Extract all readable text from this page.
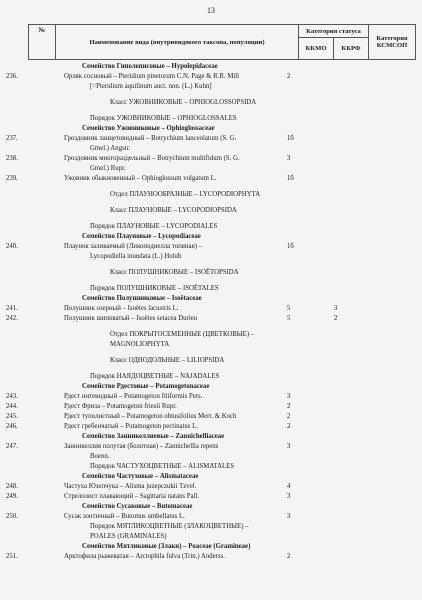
13
№
Наименование вида (внутривидового таксона, популяции)
Категория статуса
ККМО	ККРФ
Категория КСМСОП
Семейство Гиполеписовые – Hypolepidaceae
236.	Орляк сосновый – Pteridium pinetorum C.N. Page & R.R. Mill	2
[=Pteridium aquilinum auct. non. (L.) Kuhn]
Класс УЖОВНИКОВЫЕ – OPHIOGLOSSOPSIDA
Порядок УЖОВНИКОВЫЕ – OPHIOGLOSSALES
Семейство Ужовниковые – Ophioglossaceae
237.	Гроздовник ланцетовидный – Botrychium lanceolatum (S. G.	1б
Gmel.) Angstr.
238.	Гроздовник многораздельный – Botrychium multifidum (S. G.	3
Gmel.) Rupr.
239.	Ужовник обыкновенный – Ophioglossum vulgatum L.	1б
Отдел ПЛАУНООБРАЗНЫЕ – LYCOPODIOPHYTA
Класс ПЛАУНОВЫЕ – LYCOPODIOPSIDA
Порядок ПЛАУНОВЫЕ – LYCOPODIALES
Семейство Плауновые – Lycopodiaceae
240.	Плаунок заливаемый (Ликоподиелла топяная) –	1б
Lycopodiella inundata (L.) Holub
Класс ПОЛУШНИКОВЫЕ – ISOËTOPSIDA
Порядок ПОЛУШНИКОВЫЕ – ISOËTALES
Семейство Полушниковые – Isoëtaceae
241.	Полушник озерный – Isoëtes lacustris L.	5	3
242.	Полушник шиповатый – Isoëtes setacea Durieu	5	2
Отдел ПОКРЫТОСЕМЕННЫЕ (ЦВЕТКОВЫЕ) –
MAGNOLIOPHYTA
Класс ОДНОДОЛЬНЫЕ – LILIOPSIDA
Порядок НАЯДОЦВЕТНЫЕ – NAJADALES
Семейство Рдестовые – Potamogetonaceae
243.	Рдест нитевидный – Potamogeton filiformis Pers.	3
244.	Рдест Фриза – Potamogeton friesii Rupr.	2
245.	Рдест туполистный – Potamogeton obtusifolius Mert. & Koch	2
246.	Рдест гребенчатый – Potamogeton pectinatus L.	2
Семейство Занникеллиевые – Zannichelliaceae
247.	Занникеллия полутая (болотная) – Zannichellia repens	3
Boenn.
Порядок ЧАСТУХОЦВЕТНЫЕ – ALISMATALES
Семейство Частуховые – Alismataceae
248.	Частуха Юзепчука – Alisma juzepczukii Tzvel.	4
249.	Стрелолист плавающий – Sagittaria natans Pall.	3
Семейство Сусаковые – Butomaceae
250.	Сусак зонтичный – Butomus umbellatus L.	3
Порядок МЯТЛИКОЦВЕТНЫЕ (ЗЛАКОЦВЕТНЫЕ) –
POALES (GRAMINALES)
Семейство Мятликовые (Злаки) – Poaceae (Gramineae)
251.	Арктофила рыжеватая – Arctophila fulva (Trin.) Anderss.	2
